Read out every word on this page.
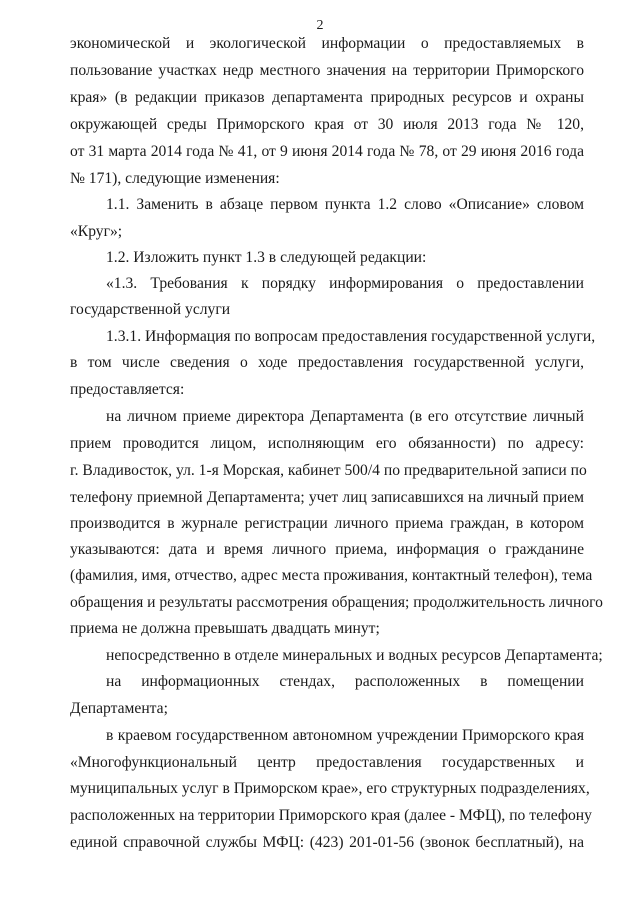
2
экономической и экологической информации о предоставляемых в
пользование участках недр местного значения на территории Приморского
края» (в редакции приказов департамента природных ресурсов и охраны
окружающей среды Приморского края от 30 июля 2013 года № 120,
от 31 марта 2014 года № 41, от 9 июня 2014 года № 78, от 29 июня 2016 года
№ 171), следующие изменения:
1.1. Заменить в абзаце первом пункта 1.2 слово «Описание» словом
«Круг»;
1.2. Изложить пункт 1.3 в следующей редакции:
«1.3. Требования к порядку информирования о предоставлении
государственной услуги
1.3.1. Информация по вопросам предоставления государственной услуги,
в том числе сведения о ходе предоставления государственной услуги,
предоставляется:
на личном приеме директора Департамента (в его отсутствие личный
прием проводится лицом, исполняющим его обязанности) по адресу:
г. Владивосток, ул. 1-я Морская, кабинет 500/4 по предварительной записи по
телефону приемной Департамента; учет лиц записавшихся на личный прием
производится в журнале регистрации личного приема граждан, в котором
указываются: дата и время личного приема, информация о гражданине
(фамилия, имя, отчество, адрес места проживания, контактный телефон), тема
обращения и результаты рассмотрения обращения; продолжительность личного
приема не должна превышать двадцать минут;
непосредственно в отделе минеральных и водных ресурсов Департамента;
на информационных стендах, расположенных в помещении
Департамента;
в краевом государственном автономном учреждении Приморского края
«Многофункциональный центр предоставления государственных и
муниципальных услуг в Приморском крае», его структурных подразделениях,
расположенных на территории Приморского края (далее - МФЦ), по телефону
единой справочной службы МФЦ: (423) 201-01-56 (звонок бесплатный), на
